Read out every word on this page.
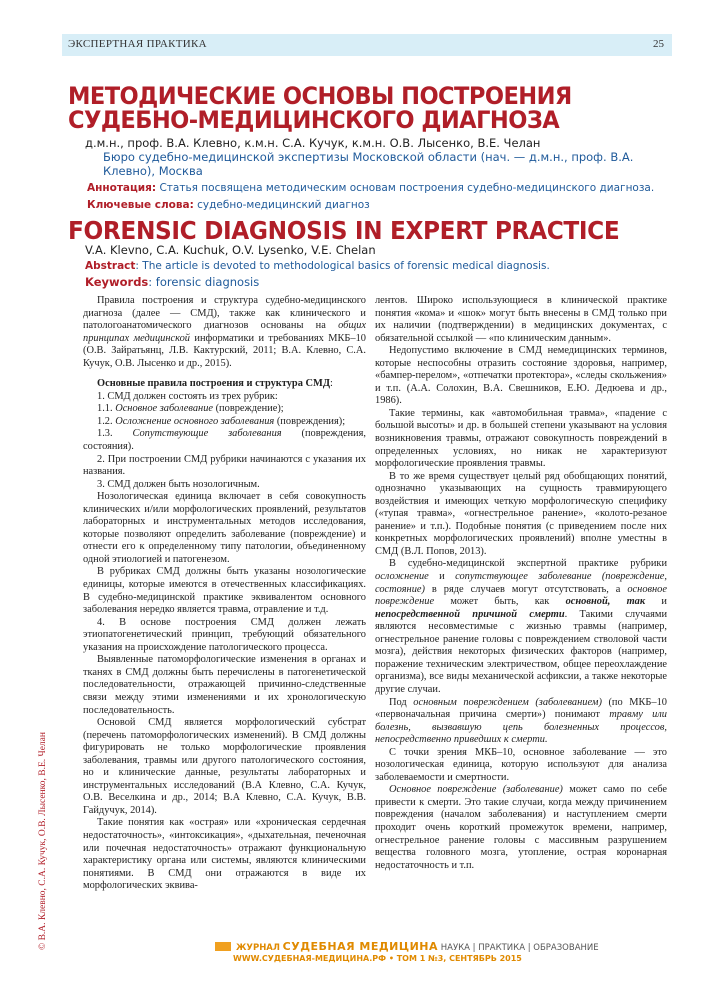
ЭКСПЕРТНАЯ ПРАКТИКА	25
МЕТОДИЧЕСКИЕ ОСНОВЫ ПОСТРОЕНИЯ
СУДЕБНО-МЕДИЦИНСКОГО ДИАГНОЗА
д.м.н., проф. В.А. Клевно, к.м.н. С.А. Кучук, к.м.н. О.В. Лысенко, В.Е. Челан
Бюро судебно-медицинской экспертизы Московской области (нач. — д.м.н., проф. В.А. Клевно), Москва
Аннотация: Статья посвящена методическим основам построения судебно-медицинского диагноза.
Ключевые слова: судебно-медицинский диагноз
FORENSIC DIAGNOSIS IN EXPERT PRACTICE
V.A. Klevno, C.A. Kuchuk, O.V. Lysenko, V.E. Chelan
Abstract: The article is devoted to methodological basics of forensic medical diagnosis.
Keywords: forensic diagnosis

Правила построения и структура судебно-медицинского диагноза (далее — СМД), также как клинического и патологоанатомического диагнозов основаны на общих принципах медицинской информатики и требованиях МКБ–10 (О.В. Зайратьянц, Л.В. Кактурский, 2011; В.А. Клевно, С.А. Кучук, О.В. Лысенко и др., 2015).

Основные правила построения и структура СМД:

1. СМД должен состоять из трех рубрик:

1.1. Основное заболевание (повреждение);

1.2. Осложнение основного заболевания (повреждения);

1.3. Сопутствующие заболевания (повреждения, состояния).

2. При построении СМД рубрики начинаются с указания их названия.

3. СМД должен быть нозологичным.

Нозологическая единица включает в себя совокупность клинических и/или морфологических проявлений, результатов лабораторных и инструментальных методов исследования, которые позволяют определить заболевание (повреждение) и отнести его к определенному типу патологии, объединенному одной этиологией и патогенезом.

В рубриках СМД должны быть указаны нозологические единицы, которые имеются в отечественных классификациях. В судебно-медицинской практике эквивалентом основного заболевания нередко является травма, отравление и т.д.

4. В основе построения СМД должен лежать этиопатогенетический принцип, требующий обязательного указания на происхождение патологического процесса.

Выявленные патоморфологические изменения в органах и тканях в СМД должны быть перечислены в патогенетической последовательности, отражающей причинно-следственные связи между этими изменениями и их хронологическую последовательность.

Основой СМД является морфологический субстрат (перечень патоморфологических изменений). В СМД должны фигурировать не только морфологические проявления заболевания, травмы или другого патологического состояния, но и клинические данные, результаты лабораторных и инструментальных исследований (В.А Клевно, С.А. Кучук, О.В. Веселкина и др., 2014; В.А Клевно, С.А. Кучук, В.В. Гайдучук, 2014).

Такие понятия как «острая» или «хроническая сердечная недостаточность», «интоксикация», «дыхательная, печеночная или почечная недостаточность» отражают функциональную характеристику органа или системы, являются клиническими понятиями. В СМД они отражаются в виде их морфологических эквива-

лентов. Широко использующиеся в клинической практике понятия «кома» и «шок» могут быть внесены в СМД только при их наличии (подтверждении) в медицинских документах, с обязательной ссылкой — «по клиническим данным».

Недопустимо включение в СМД немедицинских терминов, которые неспособны отразить состояние здоровья, например, «бампер-перелом», «отпечатки протектора», «следы скольжения» и т.п. (А.А. Солохин, В.А. Свешников, Е.Ю. Дедюева и др., 1986).

Такие термины, как «автомобильная травма», «падение с большой высоты» и др. в большей степени указывают на условия возникновения травмы, отражают совокупность повреждений в определенных условиях, но никак не характеризуют морфологические проявления травмы.

В то же время существует целый ряд обобщающих понятий, однозначно указывающих на сущность травмирующего воздействия и имеющих четкую морфологическую специфику («тупая травма», «огнестрельное ранение», «колото-резаное ранение» и т.п.). Подобные понятия (с приведением после них конкретных морфологических проявлений) вполне уместны в СМД (В.Л. Попов, 2013).

В судебно-медицинской экспертной практике рубрики осложнение и сопутствующее заболевание (повреждение, состояние) в ряде случаев могут отсутствовать, а основное повреждение может быть, как основной, так и непосредственной причиной смерти. Такими случаями являются несовместимые с жизнью травмы (например, огнестрельное ранение головы с повреждением стволовой части мозга), действия некоторых физических факторов (например, поражение техническим электричеством, общее переохлаждение организма), все виды механической асфиксии, а также некоторые другие случаи.

Под основным повреждением (заболеванием) (по МКБ–10 «первоначальная причина смерти») понимают травму или болезнь, вызвавшую цепь болезненных процессов, непосредственно приведших к смерти.

С точки зрения МКБ–10, основное заболевание — это нозологическая единица, которую используют для анализа заболеваемости и смертности.

Основное повреждение (заболевание) может само по себе привести к смерти. Это такие случаи, когда между причинением повреждения (началом заболевания) и наступлением смерти проходит очень короткий промежуток времени, например, огнестрельное ранение головы с массивным разрушением вещества головного мозга, утопление, острая коронарная недостаточность и т.п.

© В.А. Клевно, С.А. Кучук, О.В. Лысенко, В.Е. Челан	ЖУРНАЛ СУДЕБНАЯ МЕДИЦИНА НАУКА | ПРАКТИКА | ОБРАЗОВАНИЕ
WWW.СУДЕБНАЯ-МЕДИЦИНА.РФ • ТОМ 1 №3, СЕНТЯБРЬ 2015
